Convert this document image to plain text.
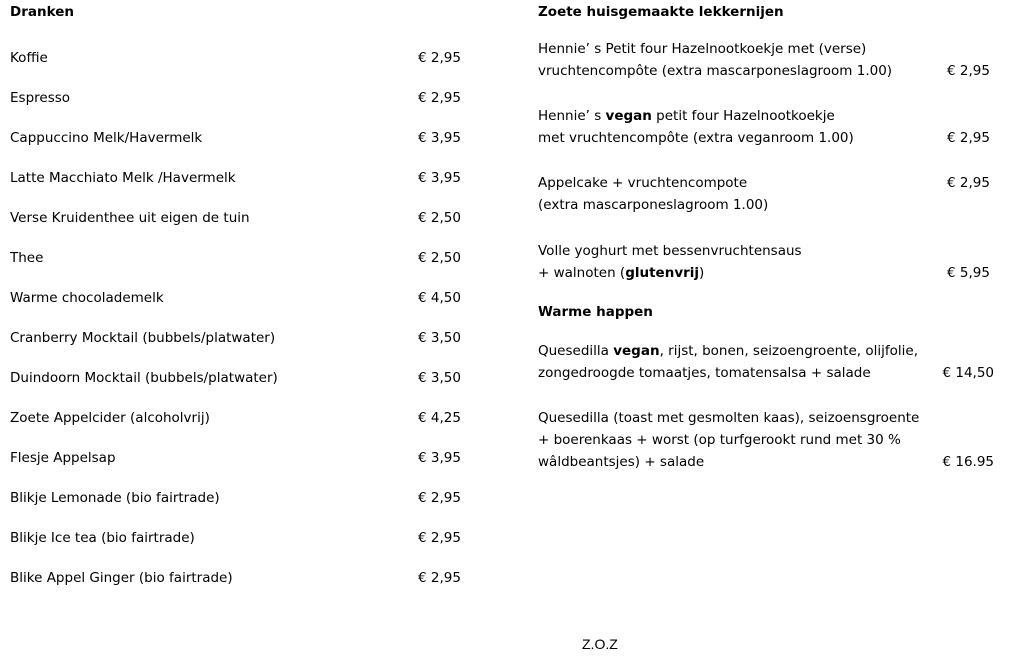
Dranken
Koffie	€ 2,95
Espresso	€ 2,95
Cappuccino Melk/Havermelk	€ 3,95
Latte Macchiato Melk /Havermelk	€ 3,95
Verse Kruidenthee uit eigen de tuin	€ 2,50
Thee	€ 2,50
Warme chocolademelk	€ 4,50
Cranberry Mocktail (bubbels/platwater)	€ 3,50
Duindoorn Mocktail (bubbels/platwater)	€ 3,50
Zoete Appelcider (alcoholvrij)	€ 4,25
Flesje Appelsap	€ 3,95
Blikje Lemonade (bio fairtrade)	€ 2,95
Blikje Ice tea (bio fairtrade)	€ 2,95
Blike Appel Ginger (bio fairtrade)	€ 2,95
Zoete huisgemaakte lekkernijen
Hennie’ s Petit four Hazelnootkoekje met (verse)
vruchtencompôte (extra mascarponeslagroom 1.00)	€ 2,95
Hennie’ s vegan petit four Hazelnootkoekje
met vruchtencompôte (extra veganroom 1.00)	€ 2,95
Appelcake + vruchtencompote
(extra mascarponeslagroom 1.00)
€ 2,95
Volle yoghurt met bessenvruchtensaus
+ walnoten (glutenvrij)	€ 5,95
Warme happen
Quesedilla vegan, rijst, bonen, seizoengroente, olijfolie,
zongedroogde tomaatjes, tomatensalsa + salade	€ 14,50
Quesedilla (toast met gesmolten kaas), seizoensgroente
+ boerenkaas + worst (op turfgerookt rund met 30 %
wâldbeantsjes) + salade	€ 16.95
Z.O.Z
